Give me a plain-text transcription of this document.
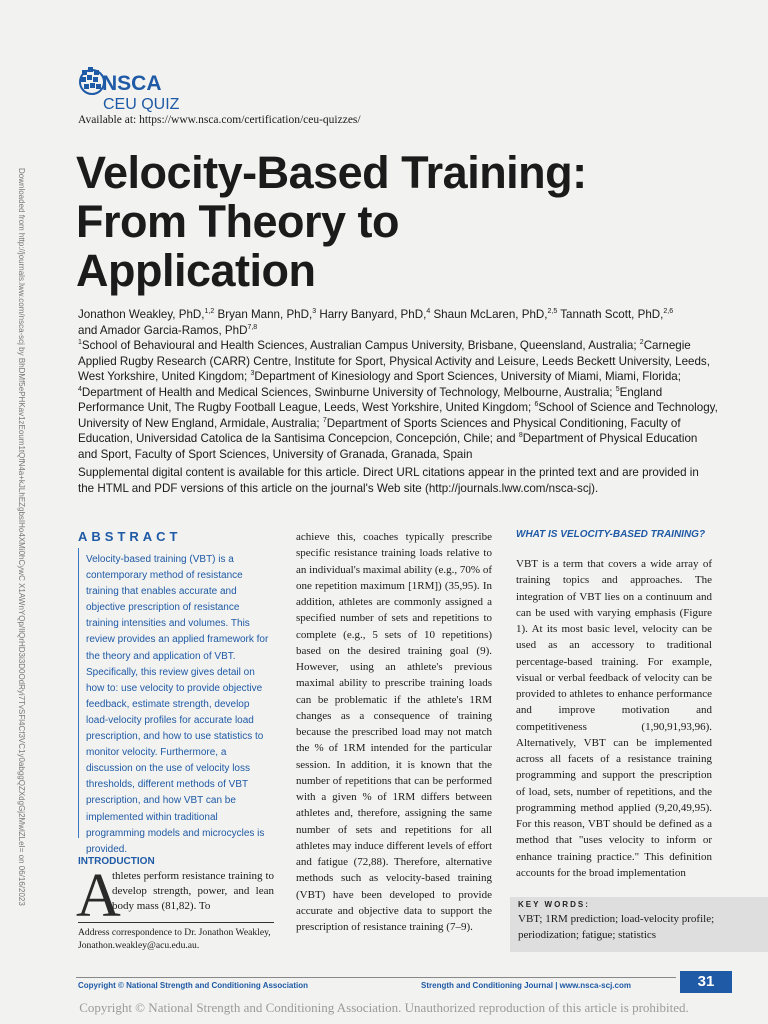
NSCA
CEU QUIZ
Available at: https://www.nsca.com/certification/ceu-quizzes/
Downloaded from http://journals.lww.com/nsca-scj by BhDMf5ePHKav1zEoum1tQfN4a+kJLhEZgbsIHo4XMi0hCywC X1AWnYQp/IlQrHD3i3D0OdRyi7TvSFl4Cf3VC1y0abggQZXdgGj2MwlZLeI= on 06/16/2023 Velocity-Based Training:
From Theory to
Application
Jonathon Weakley, PhD,$^{1,2}$ Bryan Mann, PhD,$^3$ Harry Banyard, PhD,$^4$ Shaun McLaren, PhD,$^{2,5}$ Tannath Scott, PhD,$^{2,6}$
and Amador Garcia-Ramos, PhD$^{7,8}$
$^1$School of Behavioural and Health Sciences, Australian Campus University, Brisbane, Queensland, Australia; $^2$Carnegie Applied Rugby Research (CARR) Centre, Institute for Sport, Physical Activity and Leisure, Leeds Beckett University, Leeds, West Yorkshire, United Kingdom; $^3$Department of Kinesiology and Sport Sciences, University of Miami, Miami, Florida; $^4$Department of Health and Medical Sciences, Swinburne University of Technology, Melbourne, Australia; $^5$England Performance Unit, The Rugby Football League, Leeds, West Yorkshire, United Kingdom; $^6$School of Science and Technology, University of New England, Armidale, Australia; $^7$Department of Sports Sciences and Physical Conditioning, Faculty of Education, Universidad Catolica de la Santisima Concepcion, Concepción, Chile; and $^8$Department of Physical Education and Sport, Faculty of Sport Sciences, University of Granada, Granada, Spain
Supplemental digital content is available for this article. Direct URL citations appear in the printed text and are provided in the HTML and PDF versions of this article on the journal's Web site (http://journals.lww.com/nsca-scj).
ABSTRACT
Velocity-based training (VBT) is a contemporary method of resistance training that enables accurate and objective prescription of resistance training intensities and volumes. This review provides an applied framework for the theory and application of VBT. Specifically, this review gives detail on how to: use velocity to provide objective feedback, estimate strength, develop load-velocity profiles for accurate load prescription, and how to use statistics to monitor velocity. Furthermore, a discussion on the use of velocity loss thresholds, different methods of VBT prescription, and how VBT can be implemented within traditional programming models and microcycles is provided.
INTRODUCTION
A
thletes perform resistance training to develop strength, power, and lean body mass (81,82). To
Address correspondence to Dr. Jonathon Weakley, Jonathon.weakley@acu.edu.au.
achieve this, coaches typically prescribe specific resistance training loads relative to an individual's maximal ability (e.g., 70% of one repetition maximum [1RM]) (35,95). In addition, athletes are commonly assigned a specified number of sets and repetitions to complete (e.g., 5 sets of 10 repetitions) based on the desired training goal (9). However, using an athlete's previous maximal ability to prescribe training loads can be problematic if the athlete's 1RM changes as a consequence of training because the prescribed load may not match the % of 1RM intended for the particular session. In addition, it is known that the number of repetitions that can be performed with a given % of 1RM differs between athletes and, therefore, assigning the same number of sets and repetitions for all athletes may induce different levels of effort and fatigue (72,88). Therefore, alternative methods such as velocity-based training (VBT) have been developed to provide accurate and objective data to support the prescription of resistance training (7–9).
WHAT IS VELOCITY-BASED TRAINING?
VBT is a term that covers a wide array of training topics and approaches. The integration of VBT lies on a continuum and can be used with varying emphasis (Figure 1). At its most basic level, velocity can be used as an accessory to traditional percentage-based training. For example, visual or verbal feedback of velocity can be provided to athletes to enhance performance and improve motivation and competitiveness (1,90,91,93,96). Alternatively, VBT can be implemented across all facets of a resistance training programming and support the prescription of load, sets, number of repetitions, and the programming method applied (9,20,49,95). For this reason, VBT should be defined as a method that "uses velocity to inform or enhance training practice." This definition accounts for the broad implementation
KEY WORDS:
VBT; 1RM prediction; load-velocity profile; periodization; fatigue; statistics
Copyright © National Strength and Conditioning Association	Strength and Conditioning Journal | www.nsca-scj.com	31
Copyright © National Strength and Conditioning Association. Unauthorized reproduction of this article is prohibited.
